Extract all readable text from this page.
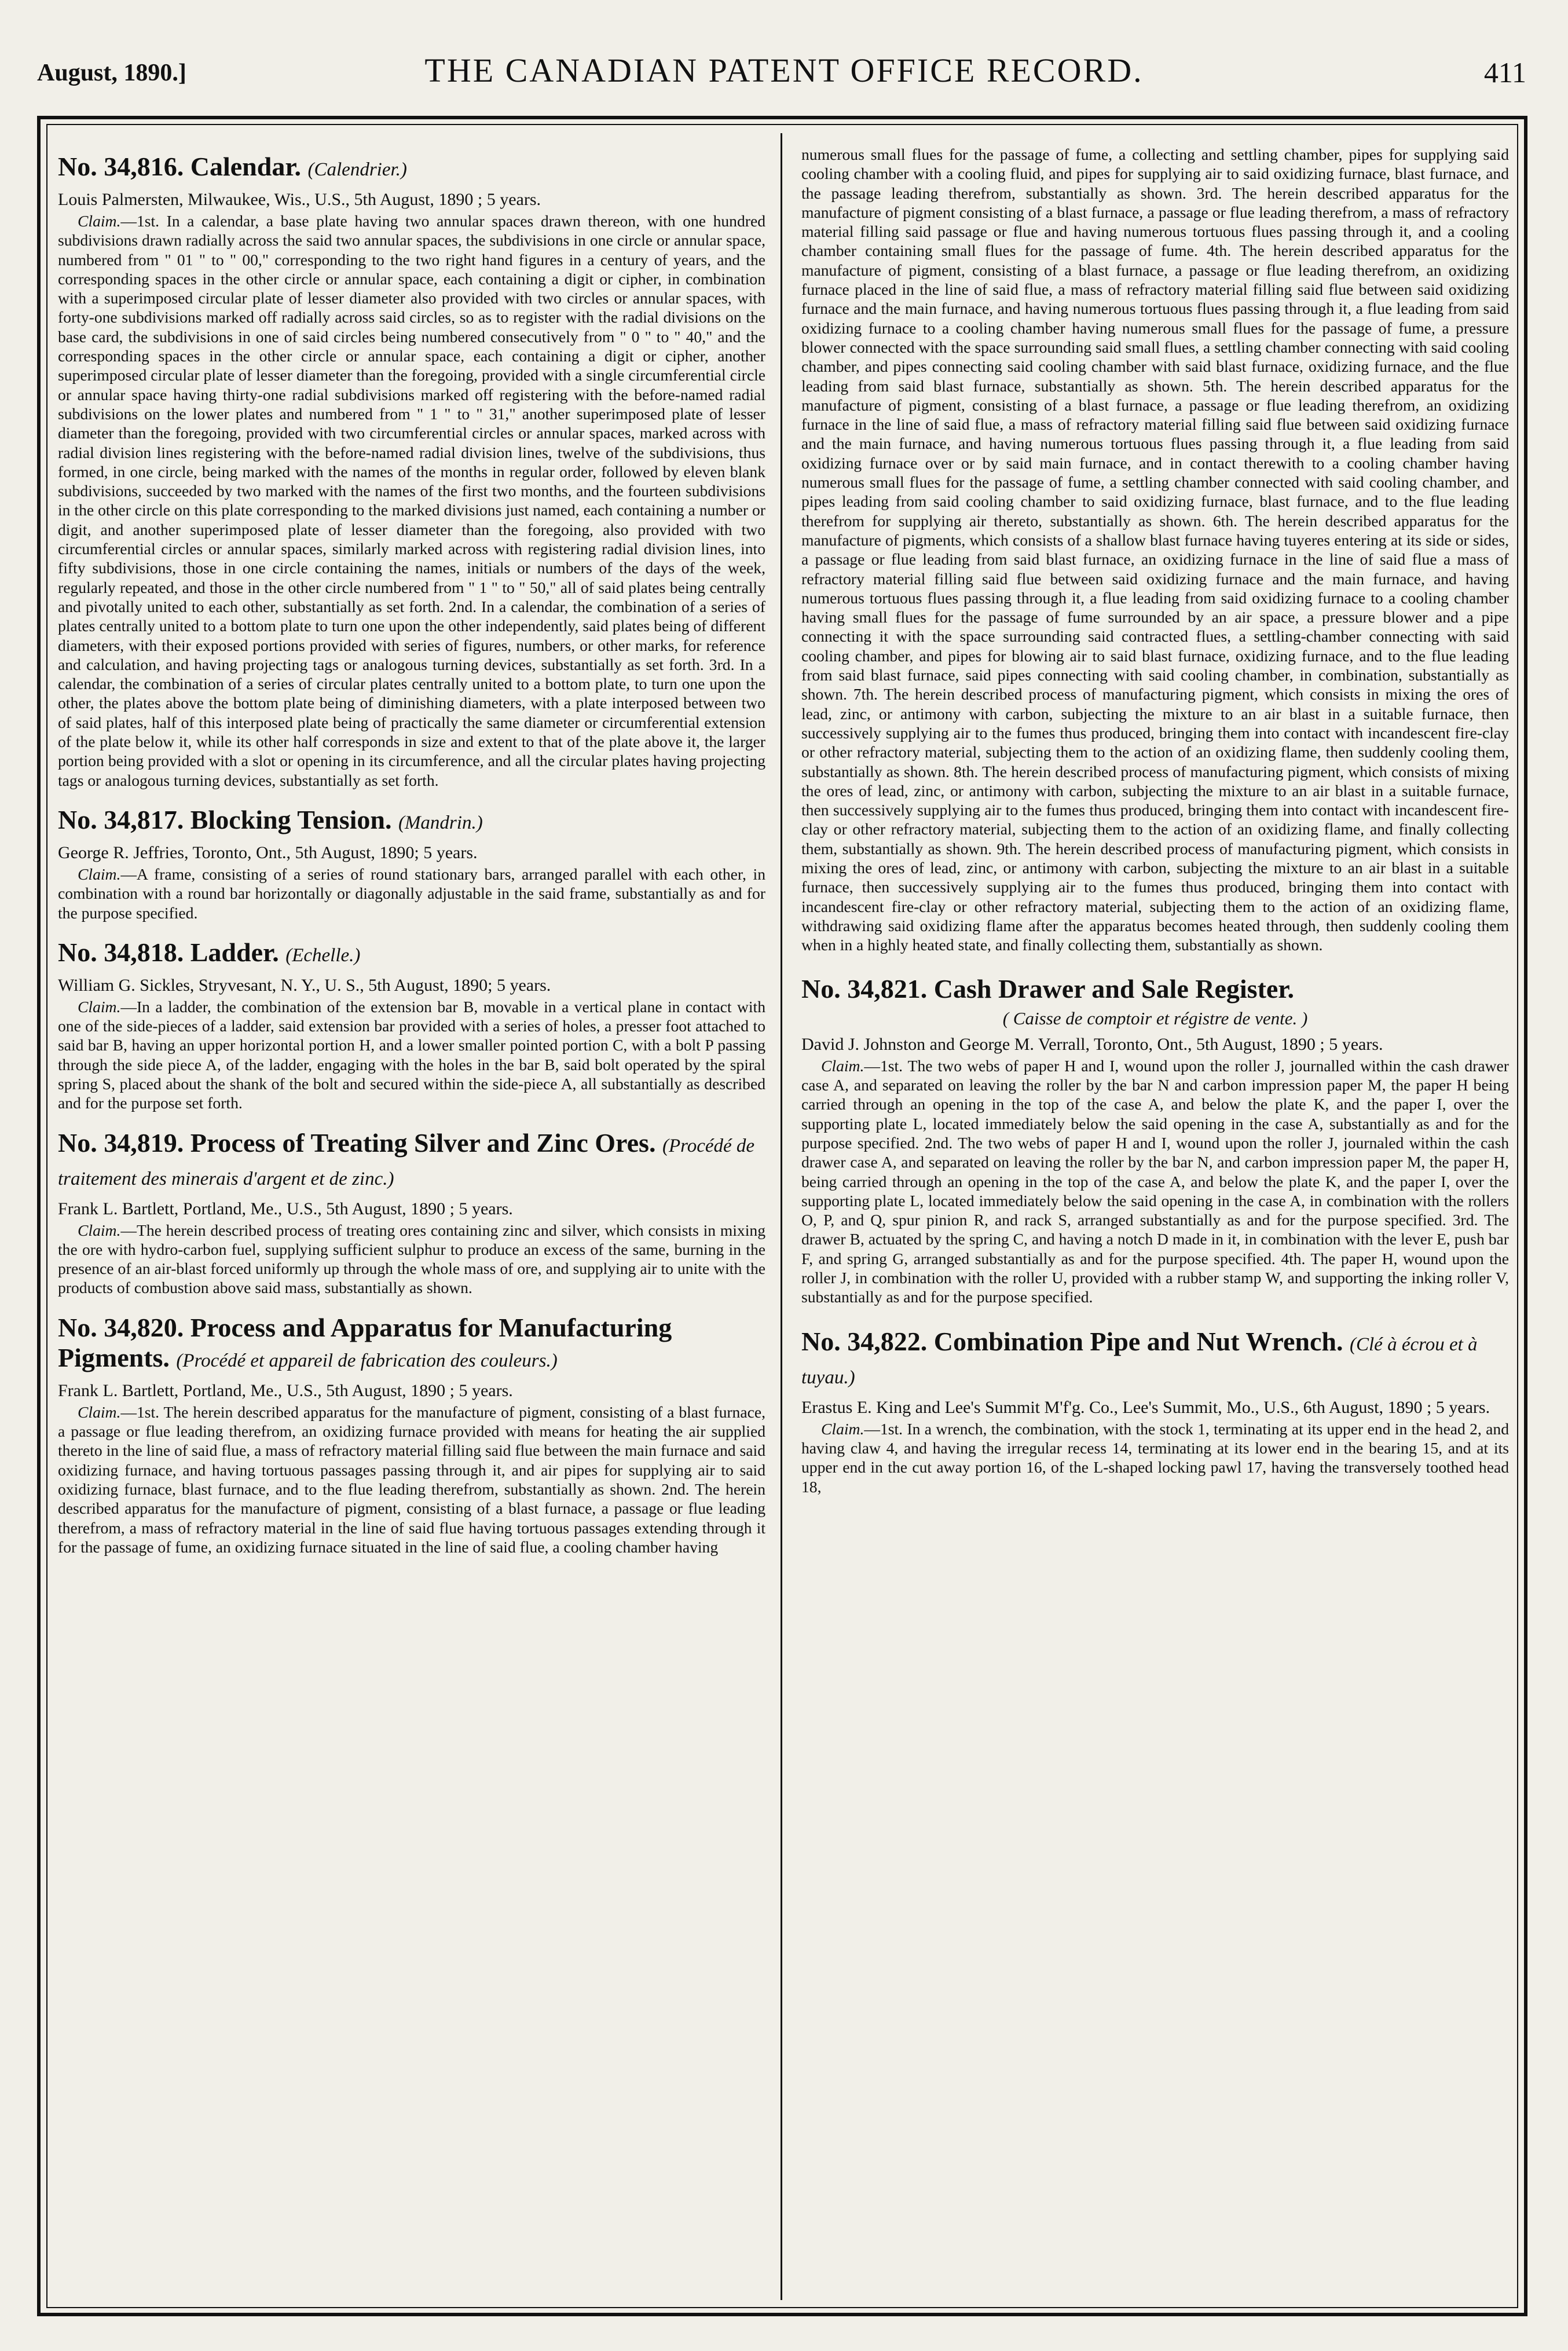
August, 1890.]	THE CANADIAN PATENT OFFICE RECORD.	411
No. 34,816. Calendar. (Calendrier.)
Louis Palmersten, Milwaukee, Wis., U.S., 5th August, 1890 ; 5 years.

Claim.—1st. In a calendar, a base plate having two annular spaces drawn thereon, with one hundred subdivisions drawn radially across the said two annular spaces, the subdivisions in one circle or annular space, numbered from " 01 " to " 00," corresponding to the two right hand figures in a century of years, and the corresponding spaces in the other circle or annular space, each containing a digit or cipher, in combination with a superimposed circular plate of lesser diameter also provided with two circles or annular spaces, with forty-one subdivisions marked off radially across said circles, so as to register with the radial divisions on the base card, the subdivisions in one of said circles being numbered consecutively from " 0 " to " 40," and the corresponding spaces in the other circle or annular space, each containing a digit or cipher, another superimposed circular plate of lesser diameter than the foregoing, provided with a single circumferential circle or annular space having thirty-one radial subdivisions marked off registering with the before-named radial subdivisions on the lower plates and numbered from " 1 " to " 31," another superimposed plate of lesser diameter than the foregoing, provided with two circumferential circles or annular spaces, marked across with radial division lines registering with the before-named radial division lines, twelve of the subdivisions, thus formed, in one circle, being marked with the names of the months in regular order, followed by eleven blank subdivisions, succeeded by two marked with the names of the first two months, and the fourteen subdivisions in the other circle on this plate corresponding to the marked divisions just named, each containing a number or digit, and another superimposed plate of lesser diameter than the foregoing, also provided with two circumferential circles or annular spaces, similarly marked across with registering radial division lines, into fifty subdivisions, those in one circle containing the names, initials or numbers of the days of the week, regularly repeated, and those in the other circle numbered from " 1 " to " 50," all of said plates being centrally and pivotally united to each other, substantially as set forth. 2nd. In a calendar, the combination of a series of plates centrally united to a bottom plate to turn one upon the other independently, said plates being of different diameters, with their exposed portions provided with series of figures, numbers, or other marks, for reference and calculation, and having projecting tags or analogous turning devices, substantially as set forth. 3rd. In a calendar, the combination of a series of circular plates centrally united to a bottom plate, to turn one upon the other, the plates above the bottom plate being of diminishing diameters, with a plate interposed between two of said plates, half of this interposed plate being of practically the same diameter or circumferential extension of the plate below it, while its other half corresponds in size and extent to that of the plate above it, the larger portion being provided with a slot or opening in its circumference, and all the circular plates having projecting tags or analogous turning devices, substantially as set forth.

No. 34,817. Blocking Tension. (Mandrin.)
George R. Jeffries, Toronto, Ont., 5th August, 1890; 5 years.

Claim.—A frame, consisting of a series of round stationary bars, arranged parallel with each other, in combination with a round bar horizontally or diagonally adjustable in the said frame, substantially as and for the purpose specified.

No. 34,818. Ladder. (Echelle.)
William G. Sickles, Stryvesant, N. Y., U. S., 5th August, 1890; 5 years.

Claim.—In a ladder, the combination of the extension bar B, movable in a vertical plane in contact with one of the side-pieces of a ladder, said extension bar provided with a series of holes, a presser foot attached to said bar B, having an upper horizontal portion H, and a lower smaller pointed portion C, with a bolt P passing through the side piece A, of the ladder, engaging with the holes in the bar B, said bolt operated by the spiral spring S, placed about the shank of the bolt and secured within the side-piece A, all substantially as described and for the purpose set forth.

No. 34,819. Process of Treating Silver and Zinc Ores. (Procédé de traitement des minerais d'argent et de zinc.)
Frank L. Bartlett, Portland, Me., U.S., 5th August, 1890 ; 5 years.

Claim.—The herein described process of treating ores containing zinc and silver, which consists in mixing the ore with hydro-carbon fuel, supplying sufficient sulphur to produce an excess of the same, burning in the presence of an air-blast forced uniformly up through the whole mass of ore, and supplying air to unite with the products of combustion above said mass, substantially as shown.

No. 34,820. Process and Apparatus for Manufacturing Pigments. (Procédé et appareil de fabrication des couleurs.)
Frank L. Bartlett, Portland, Me., U.S., 5th August, 1890 ; 5 years.

Claim.—1st. The herein described apparatus for the manufacture of pigment, consisting of a blast furnace, a passage or flue leading therefrom, an oxidizing furnace provided with means for heating the air supplied thereto in the line of said flue, a mass of refractory material filling said flue between the main furnace and said oxidizing furnace, and having tortuous passages passing through it, and air pipes for supplying air to said oxidizing furnace, blast furnace, and to the flue leading therefrom, substantially as shown. 2nd. The herein described apparatus for the manufacture of pigment, consisting of a blast furnace, a passage or flue leading therefrom, a mass of refractory material in the line of said flue having tortuous passages extending through it for the passage of fume, an oxidizing furnace situated in the line of said flue, a cooling chamber having

numerous small flues for the passage of fume, a collecting and settling chamber, pipes for supplying said cooling chamber with a cooling fluid, and pipes for supplying air to said oxidizing furnace, blast furnace, and the passage leading therefrom, substantially as shown. 3rd. The herein described apparatus for the manufacture of pigment consisting of a blast furnace, a passage or flue leading therefrom, a mass of refractory material filling said passage or flue and having numerous tortuous flues passing through it, and a cooling chamber containing small flues for the passage of fume. 4th. The herein described apparatus for the manufacture of pigment, consisting of a blast furnace, a passage or flue leading therefrom, an oxidizing furnace placed in the line of said flue, a mass of refractory material filling said flue between said oxidizing furnace and the main furnace, and having numerous tortuous flues passing through it, a flue leading from said oxidizing furnace to a cooling chamber having numerous small flues for the passage of fume, a pressure blower connected with the space surrounding said small flues, a settling chamber connecting with said cooling chamber, and pipes connecting said cooling chamber with said blast furnace, oxidizing furnace, and the flue leading from said blast furnace, substantially as shown. 5th. The herein described apparatus for the manufacture of pigment, consisting of a blast furnace, a passage or flue leading therefrom, an oxidizing furnace in the line of said flue, a mass of refractory material filling said flue between said oxidizing furnace and the main furnace, and having numerous tortuous flues passing through it, a flue leading from said oxidizing furnace over or by said main furnace, and in contact therewith to a cooling chamber having numerous small flues for the passage of fume, a settling chamber connected with said cooling chamber, and pipes leading from said cooling chamber to said oxidizing furnace, blast furnace, and to the flue leading therefrom for supplying air thereto, substantially as shown. 6th. The herein described apparatus for the manufacture of pigments, which consists of a shallow blast furnace having tuyeres entering at its side or sides, a passage or flue leading from said blast furnace, an oxidizing furnace in the line of said flue a mass of refractory material filling said flue between said oxidizing furnace and the main furnace, and having numerous tortuous flues passing through it, a flue leading from said oxidizing furnace to a cooling chamber having small flues for the passage of fume surrounded by an air space, a pressure blower and a pipe connecting it with the space surrounding said contracted flues, a settling-chamber connecting with said cooling chamber, and pipes for blowing air to said blast furnace, oxidizing furnace, and to the flue leading from said blast furnace, said pipes connecting with said cooling chamber, in combination, substantially as shown. 7th. The herein described process of manufacturing pigment, which consists in mixing the ores of lead, zinc, or antimony with carbon, subjecting the mixture to an air blast in a suitable furnace, then successively supplying air to the fumes thus produced, bringing them into contact with incandescent fire-clay or other refractory material, subjecting them to the action of an oxidizing flame, then suddenly cooling them, substantially as shown. 8th. The herein described process of manufacturing pigment, which consists of mixing the ores of lead, zinc, or antimony with carbon, subjecting the mixture to an air blast in a suitable furnace, then successively supplying air to the fumes thus produced, bringing them into contact with incandescent fire-clay or other refractory material, subjecting them to the action of an oxidizing flame, and finally collecting them, substantially as shown. 9th. The herein described process of manufacturing pigment, which consists in mixing the ores of lead, zinc, or antimony with carbon, subjecting the mixture to an air blast in a suitable furnace, then successively supplying air to the fumes thus produced, bringing them into contact with incandescent fire-clay or other refractory material, subjecting them to the action of an oxidizing flame, withdrawing said oxidizing flame after the apparatus becomes heated through, then suddenly cooling them when in a highly heated state, and finally collecting them, substantially as shown.

No. 34,821. Cash Drawer and Sale Register.
( Caisse de comptoir et régistre de vente. )
David J. Johnston and George M. Verrall, Toronto, Ont., 5th August, 1890 ; 5 years.

Claim.—1st. The two webs of paper H and I, wound upon the roller J, journalled within the cash drawer case A, and separated on leaving the roller by the bar N and carbon impression paper M, the paper H being carried through an opening in the top of the case A, and below the plate K, and the paper I, over the supporting plate L, located immediately below the said opening in the case A, substantially as and for the purpose specified. 2nd. The two webs of paper H and I, wound upon the roller J, journaled within the cash drawer case A, and separated on leaving the roller by the bar N, and carbon impression paper M, the paper H, being carried through an opening in the top of the case A, and below the plate K, and the paper I, over the supporting plate L, located immediately below the said opening in the case A, in combination with the rollers O, P, and Q, spur pinion R, and rack S, arranged substantially as and for the purpose specified. 3rd. The drawer B, actuated by the spring C, and having a notch D made in it, in combination with the lever E, push bar F, and spring G, arranged substantially as and for the purpose specified. 4th. The paper H, wound upon the roller J, in combination with the roller U, provided with a rubber stamp W, and supporting the inking roller V, substantially as and for the purpose specified.

No. 34,822. Combination Pipe and Nut Wrench. (Clé à écrou et à tuyau.)
Erastus E. King and Lee's Summit M'f'g. Co., Lee's Summit, Mo., U.S., 6th August, 1890 ; 5 years.

Claim.—1st. In a wrench, the combination, with the stock 1, terminating at its upper end in the head 2, and having claw 4, and having the irregular recess 14, terminating at its lower end in the bearing 15, and at its upper end in the cut away portion 16, of the L-shaped locking pawl 17, having the transversely toothed head 18,
